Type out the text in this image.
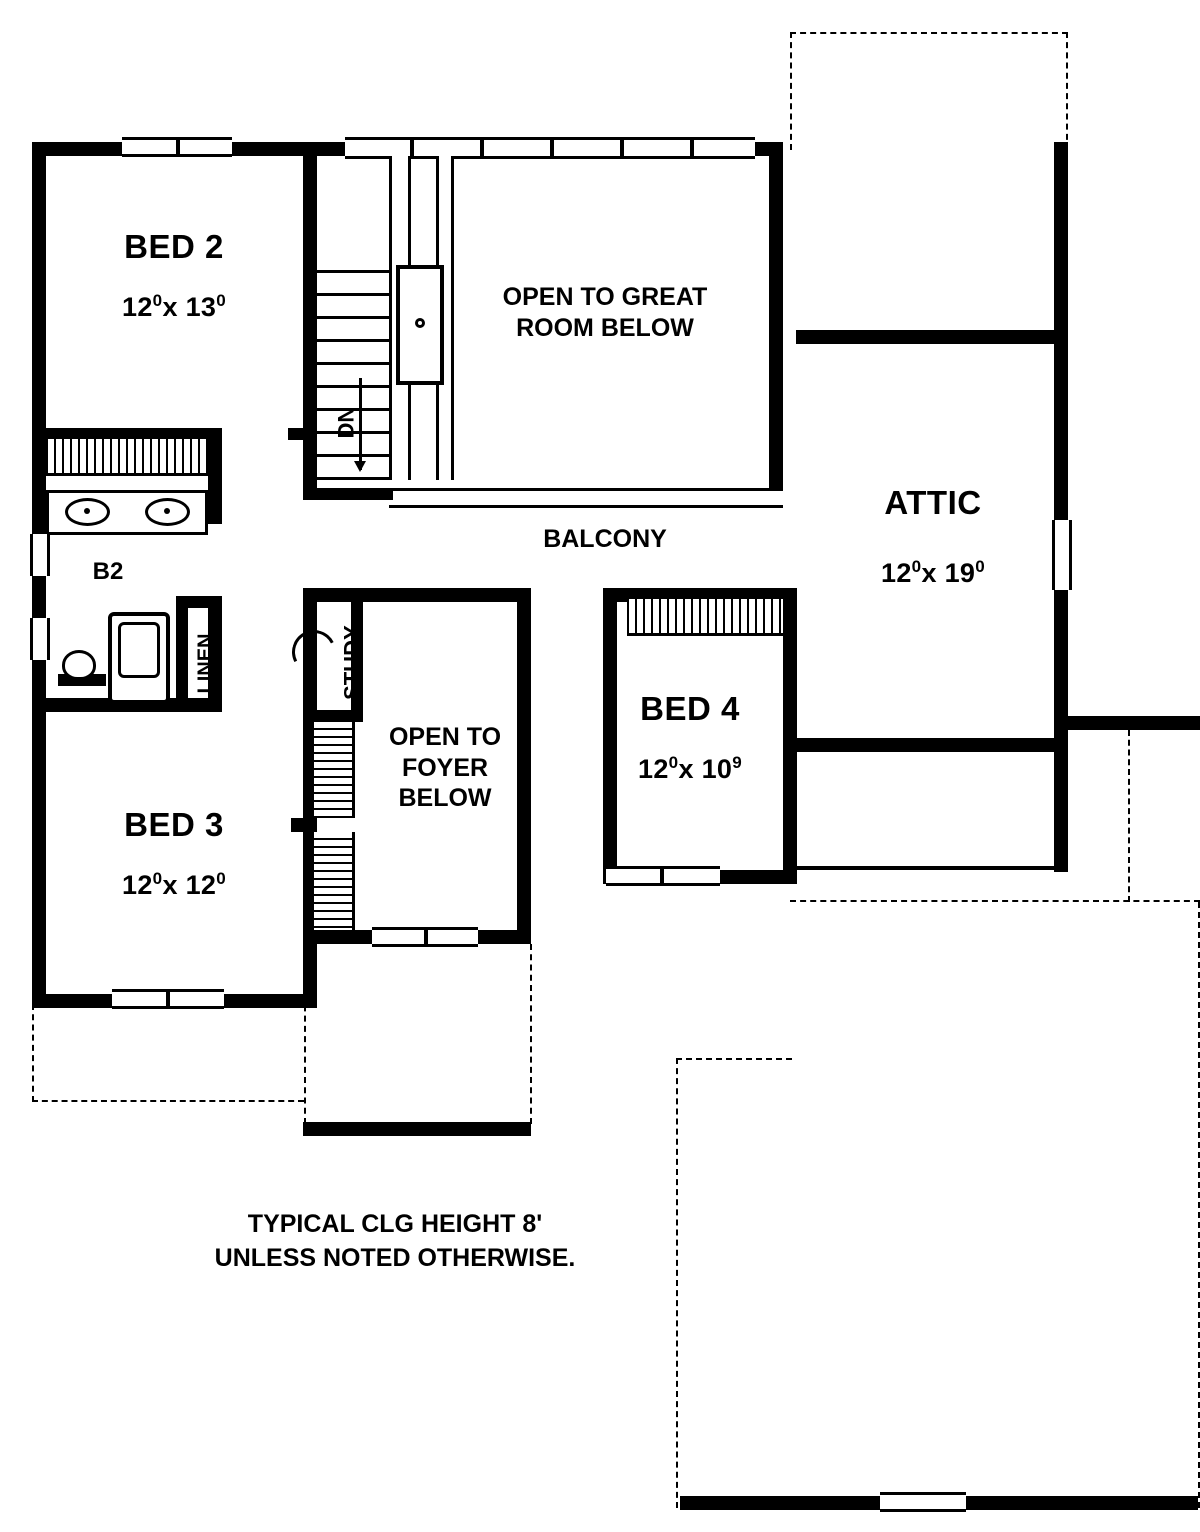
DN
BED 2
$12^0x$ $13^0$
B2
LINEN	STUDY
BED 3
$12^0x$ $12^0$
OPEN TO GREAT
ROOM BELOW
BALCONY
ATTIC
$12^0x$ $19^0$
OPEN TO
FOYER
BELOW
BED 4
$12^0x$ $10^9$
TYPICAL CLG HEIGHT 8'
UNLESS NOTED OTHERWISE.
